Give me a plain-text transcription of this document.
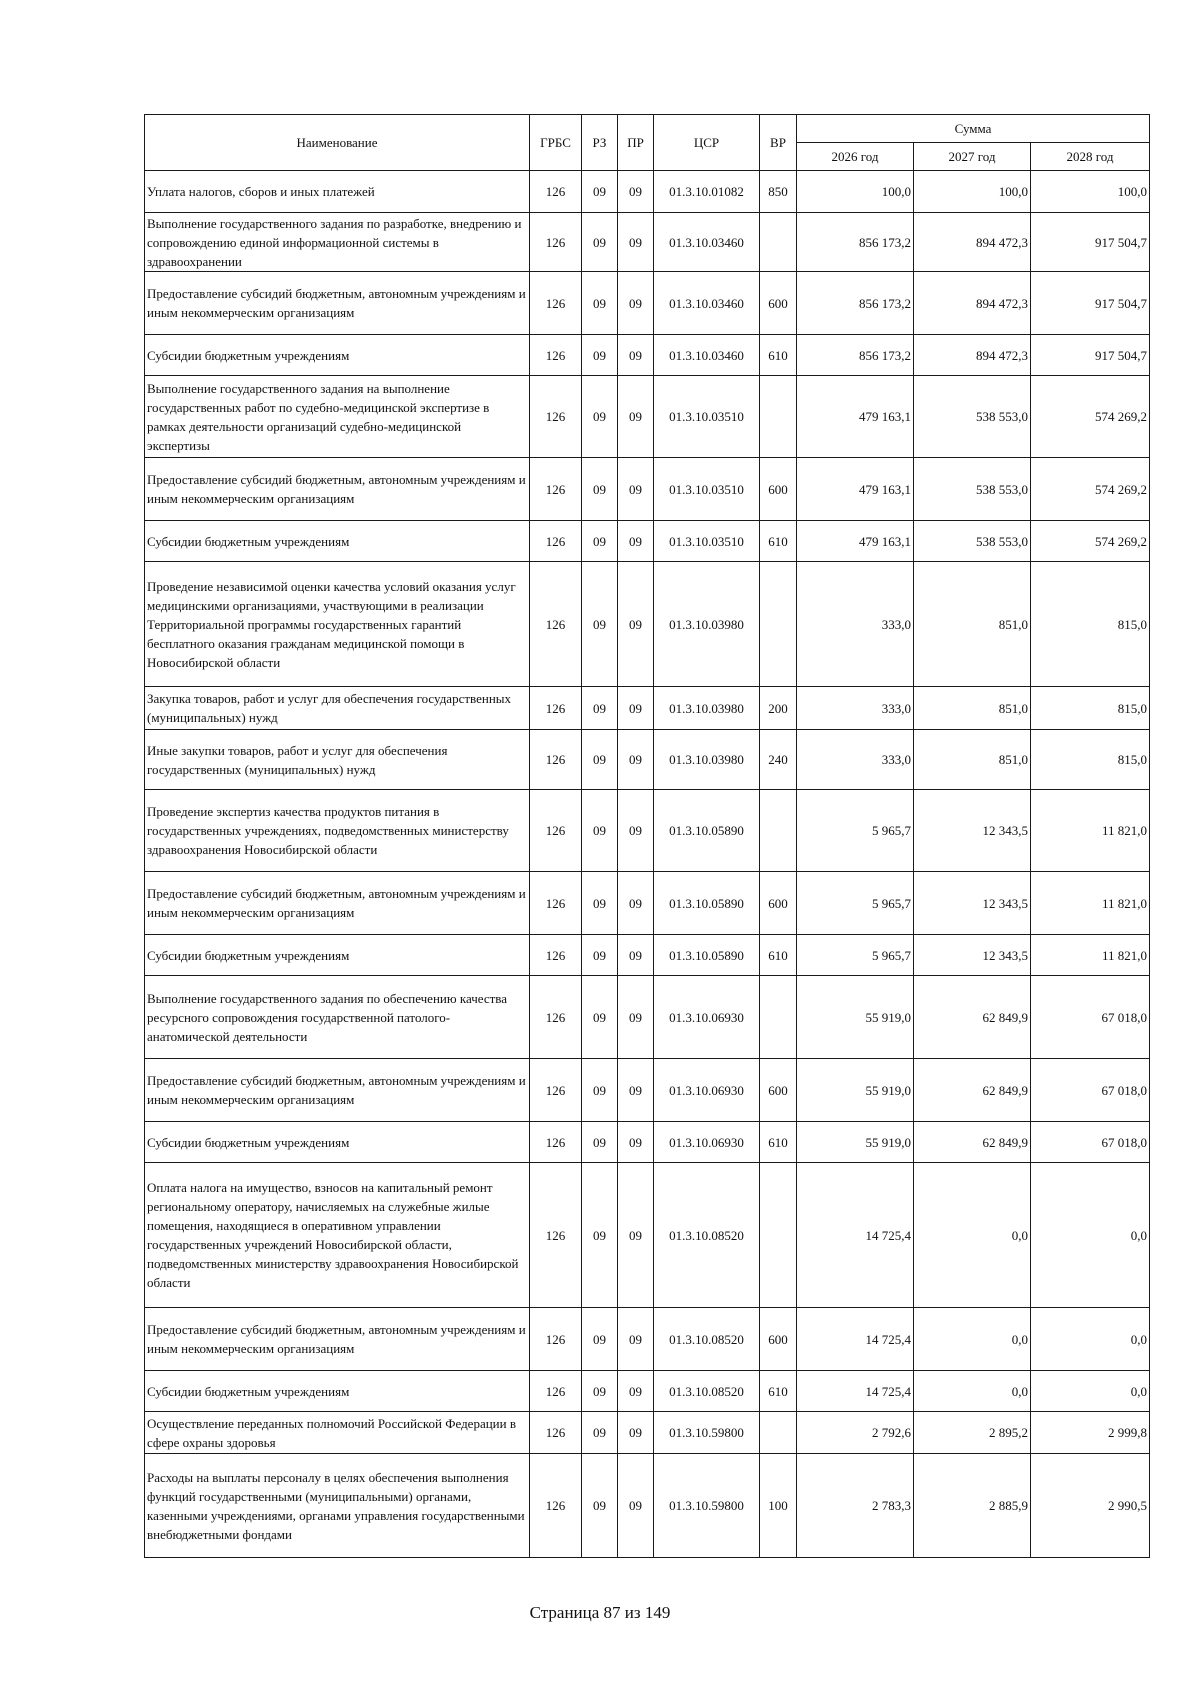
Наименование	ГРБС	РЗ	ПР	ЦСР	ВР	Сумма		
						2026 год	2027 год	2028 год
Уплата налогов, сборов и иных платежей	126	09	09	01.3.10.01082	850	100,0	100,0	100,0
Выполнение государственного задания по разработке, внедрению и сопровождению единой информационной системы в здравоохранении	126	09	09	01.3.10.03460		856 173,2	894 472,3	917 504,7
Предоставление субсидий бюджетным, автономным учреждениям и иным некоммерческим организациям	126	09	09	01.3.10.03460	600	856 173,2	894 472,3	917 504,7
Субсидии бюджетным учреждениям	126	09	09	01.3.10.03460	610	856 173,2	894 472,3	917 504,7
Выполнение государственного задания на выполнение государственных работ по судебно-медицинской экспертизе в рамках деятельности организаций судебно-медицинской экспертизы	126	09	09	01.3.10.03510		479 163,1	538 553,0	574 269,2
Предоставление субсидий бюджетным, автономным учреждениям и иным некоммерческим организациям	126	09	09	01.3.10.03510	600	479 163,1	538 553,0	574 269,2
Субсидии бюджетным учреждениям	126	09	09	01.3.10.03510	610	479 163,1	538 553,0	574 269,2
Проведение независимой оценки качества условий оказания услуг медицинскими организациями, участвующими в реализации Территориальной программы государственных гарантий бесплатного оказания гражданам медицинской помощи в Новосибирской области	126	09	09	01.3.10.03980		333,0	851,0	815,0
Закупка товаров, работ и услуг для обеспечения государственных (муниципальных) нужд	126	09	09	01.3.10.03980	200	333,0	851,0	815,0
Иные закупки товаров, работ и услуг для обеспечения государственных (муниципальных) нужд	126	09	09	01.3.10.03980	240	333,0	851,0	815,0
Проведение экспертиз качества продуктов питания в государственных учреждениях, подведомственных министерству здравоохранения Новосибирской области	126	09	09	01.3.10.05890		5 965,7	12 343,5	11 821,0
Предоставление субсидий бюджетным, автономным учреждениям и иным некоммерческим организациям	126	09	09	01.3.10.05890	600	5 965,7	12 343,5	11 821,0
Субсидии бюджетным учреждениям	126	09	09	01.3.10.05890	610	5 965,7	12 343,5	11 821,0
Выполнение государственного задания по обеспечению качества ресурсного сопровождения государственной патолого-анатомической деятельности	126	09	09	01.3.10.06930		55 919,0	62 849,9	67 018,0
Предоставление субсидий бюджетным, автономным учреждениям и иным некоммерческим организациям	126	09	09	01.3.10.06930	600	55 919,0	62 849,9	67 018,0
Субсидии бюджетным учреждениям	126	09	09	01.3.10.06930	610	55 919,0	62 849,9	67 018,0
Оплата налога на имущество, взносов на капитальный ремонт региональному оператору, начисляемых на служебные жилые помещения, находящиеся в оперативном управлении государственных учреждений Новосибирской области, подведомственных министерству здравоохранения Новосибирской области	126	09	09	01.3.10.08520		14 725,4	0,0	0,0
Предоставление субсидий бюджетным, автономным учреждениям и иным некоммерческим организациям	126	09	09	01.3.10.08520	600	14 725,4	0,0	0,0
Субсидии бюджетным учреждениям	126	09	09	01.3.10.08520	610	14 725,4	0,0	0,0
Осуществление переданных полномочий Российской Федерации в сфере охраны здоровья	126	09	09	01.3.10.59800		2 792,6	2 895,2	2 999,8
Расходы на выплаты персоналу в целях обеспечения выполнения функций государственными (муниципальными) органами, казенными учреждениями, органами управления государственными внебюджетными фондами	126	09	09	01.3.10.59800	100	2 783,3	2 885,9	2 990,5
Страница 87 из 149
